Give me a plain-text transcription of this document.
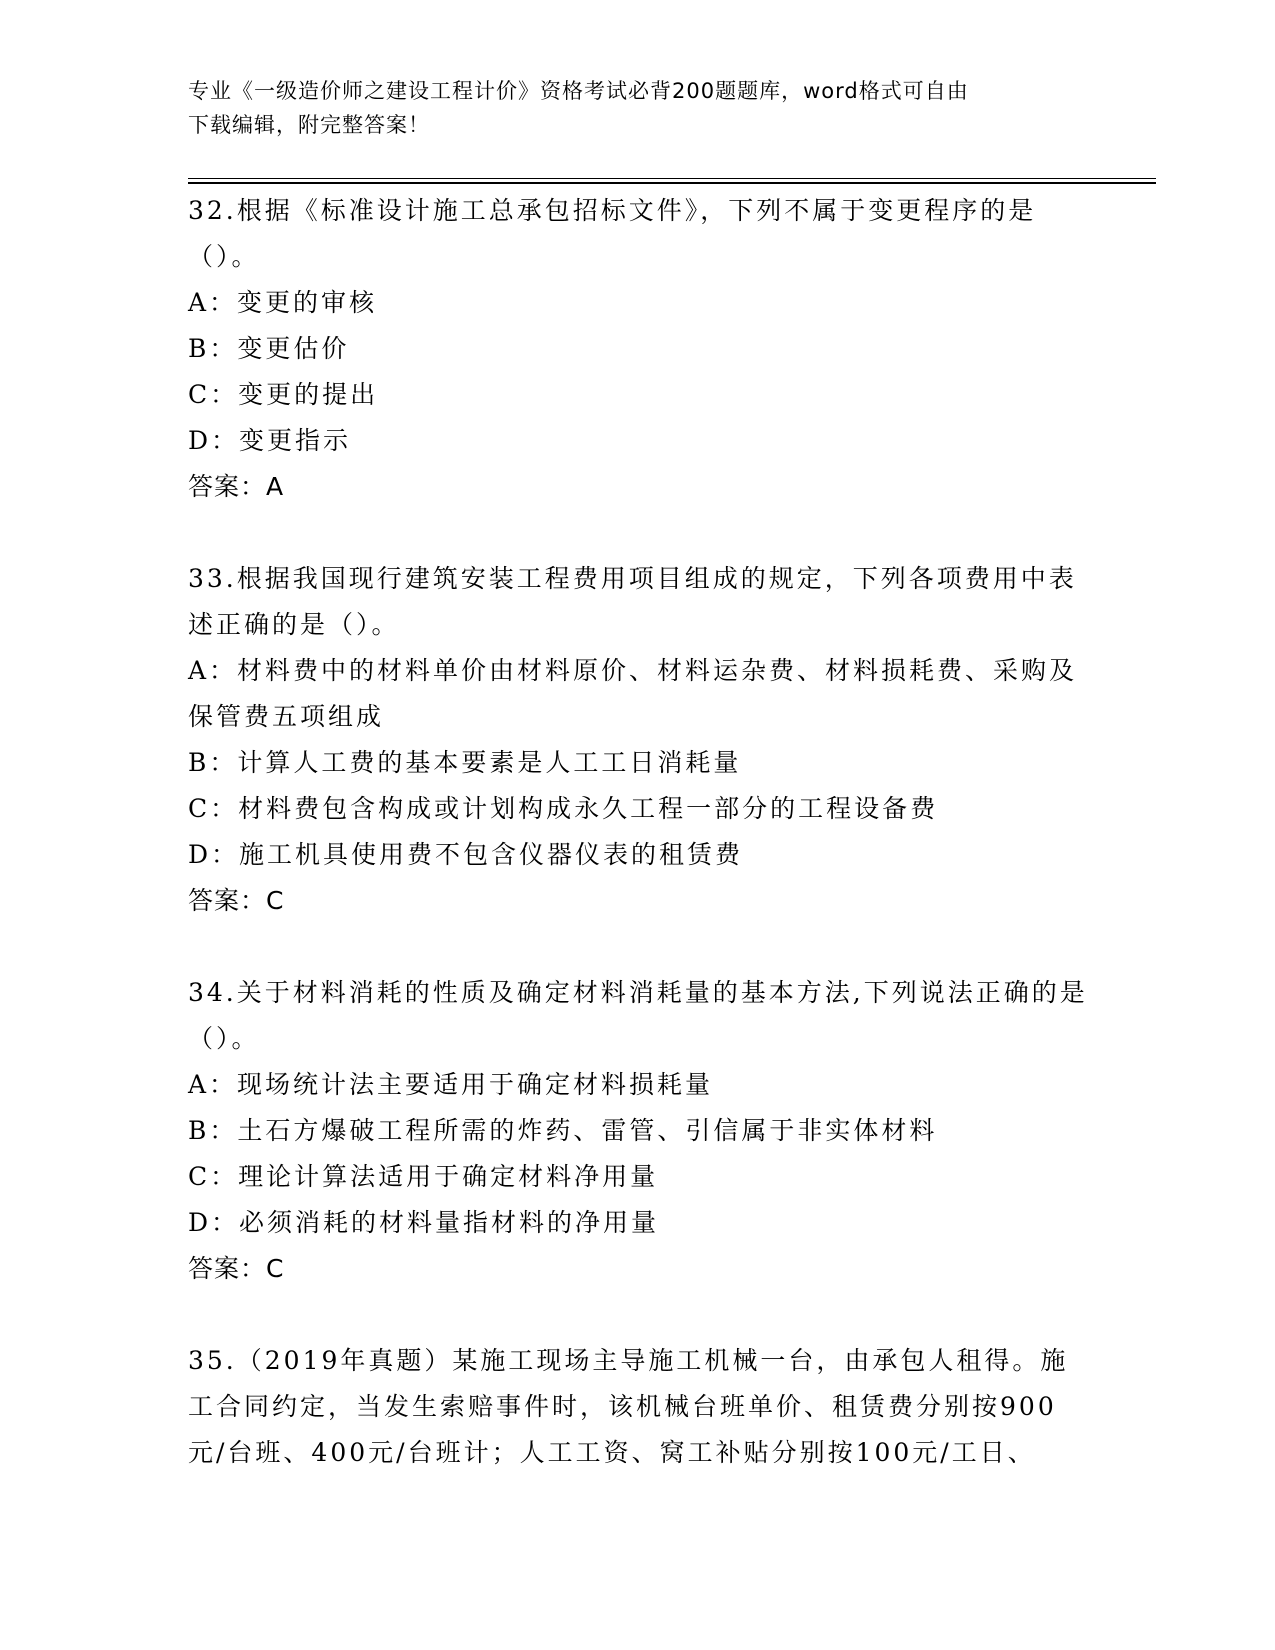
专业《一级造价师之建设工程计价》资格考试必背200题题库，word格式可自由
下载编辑，附完整答案！
32.根据《标准设计施工总承包招标文件》，下列不属于变更程序的是（）。
A：变更的审核
B：变更估价
C：变更的提出
D：变更指示
答案：A
33.根据我国现行建筑安装工程费用项目组成的规定，下列各项费用中表述正确的是（）。
A：材料费中的材料单价由材料原价、材料运杂费、材料损耗费、采购及保管费五项组成
B：计算人工费的基本要素是人工工日消耗量
C：材料费包含构成或计划构成永久工程一部分的工程设备费
D：施工机具使用费不包含仪器仪表的租赁费
答案：C
34.关于材料消耗的性质及确定材料消耗量的基本方法,下列说法正确的是（）。
A：现场统计法主要适用于确定材料损耗量
B：土石方爆破工程所需的炸药、雷管、引信属于非实体材料
C：理论计算法适用于确定材料净用量
D：必须消耗的材料量指材料的净用量
答案：C
35.（2019年真题）某施工现场主导施工机械一台，由承包人租得。施工合同约定，当发生索赔事件时，该机械台班单价、租赁费分别按900元/台班、400元/台班计；人工工资、窝工补贴分别按100元/工日、
